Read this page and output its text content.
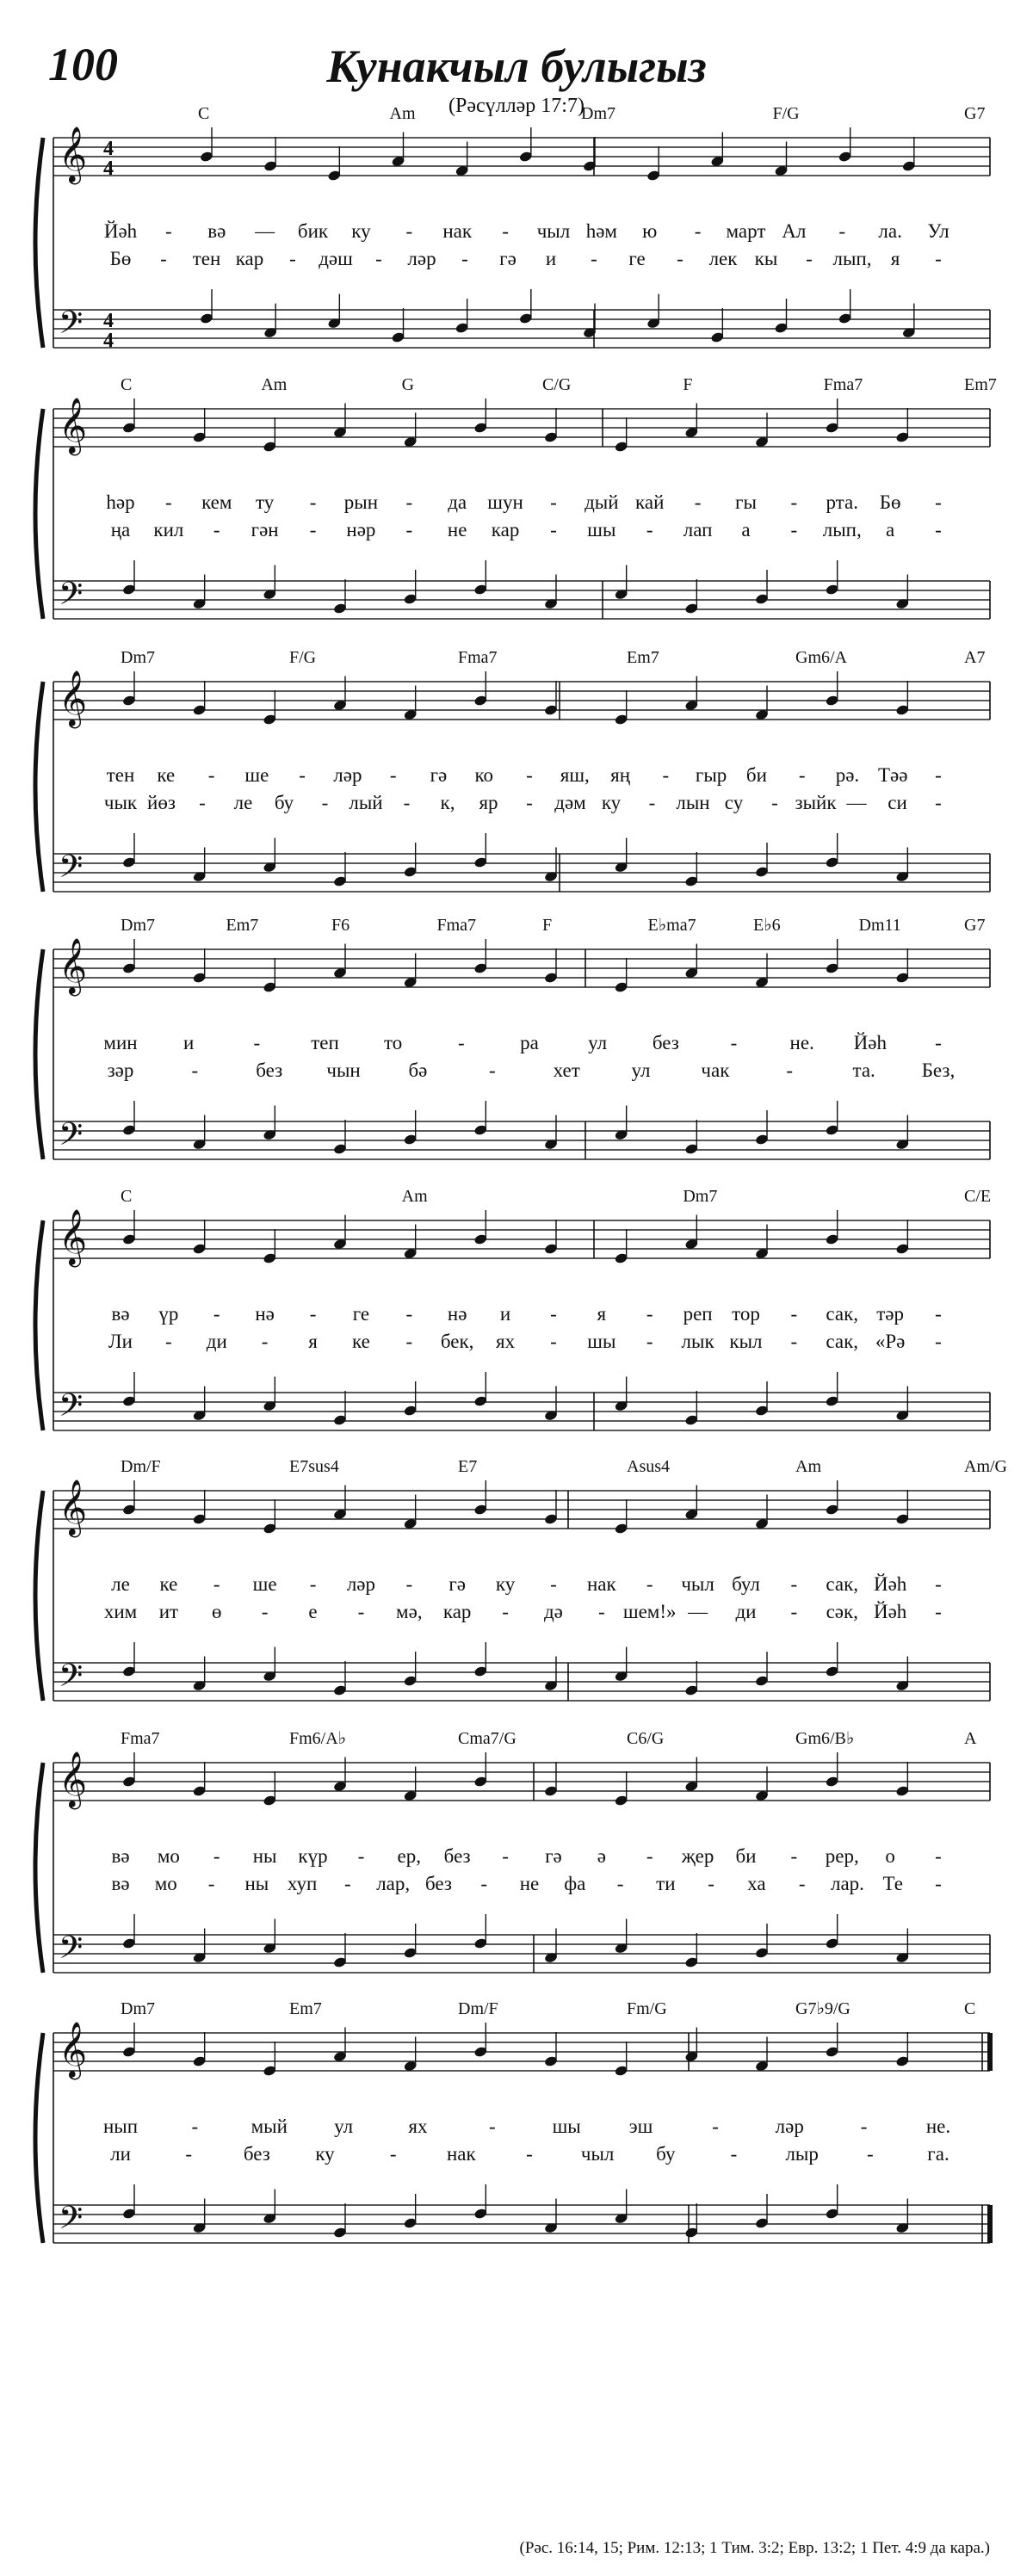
100	Кунакчыл булыгыз
(Рәсүлләр 17:7)
𝄞
𝄢
4
4
4
4
C	Am	Dm7	F/G	G7
Йәһ - вә — бик ку - нак - чыл һәм ю - март Ал - ла. Ул
Бө - тен кар - дәш - ләр - гә и - ге - лек кы - лып, я -
𝄞
𝄢
C	Am	G	C/G	F	Fma7	Em7
һәр - кем ту - рын - да шун - дый кай - гы - рта. Бө -
ңа кил - гән - нәр - не кар - шы - лап а - лып, а -
𝄞
𝄢
Dm7	F/G	Fma7	Em7	Gm6/A	A7
тен ке - ше - ләр - гә ко - яш, яң - гыр би - рә. Тәә -
чык йөз - ле бу - лый - к, яр - дәм ку - лын су - зыйк — си -
𝄞
𝄢
Dm7	Em7	F6	Fma7	F	E♭ma7	E♭6	Dm11	G7
мин и	-	теп то	-	ра ул без	-	не. Йәһ -
зәр	-	без чын бә	-	хет	ул	чак	-	та. Без,
𝄞
𝄢
C	Am	Dm7	C/E
вә үр - нә - ге - нә и - я - реп тор - сак, тәр -
Ли - ди - я ке - бек, ях - шы - лык кыл - сак, «Рә -
𝄞
𝄢
Dm/F	E7sus4	E7	Asus4	Am	Am/G
ле ке - ше - ләр - гә ку - нак - чыл бул - сак, Йәһ -
хим ит ө - е - мә, кар - дә - шем!» — ди - сәк, Йәһ -
𝄞
𝄢
Fma7	Fm6/A♭	Cma7/G	C6/G	Gm6/B♭	A
вә мо - ны күр - ер, без - гә ә - җер би - рер, о -
вә мо - ны хуп - лар, без - не фа - ти - ха - лар. Те -
𝄞
𝄢
Dm7	Em7	Dm/F	Fm/G	G7♭9/G	C
нып	-	мый ул	ях	-	шы эш	-	ләр	-	не.
ли	-	без ку	-	нак	- чыл бу	- лыр -	га.
(Рәс. 16:14, 15; Рим. 12:13; 1 Тим. 3:2; Евр. 13:2; 1 Пет. 4:9 да кара.)
